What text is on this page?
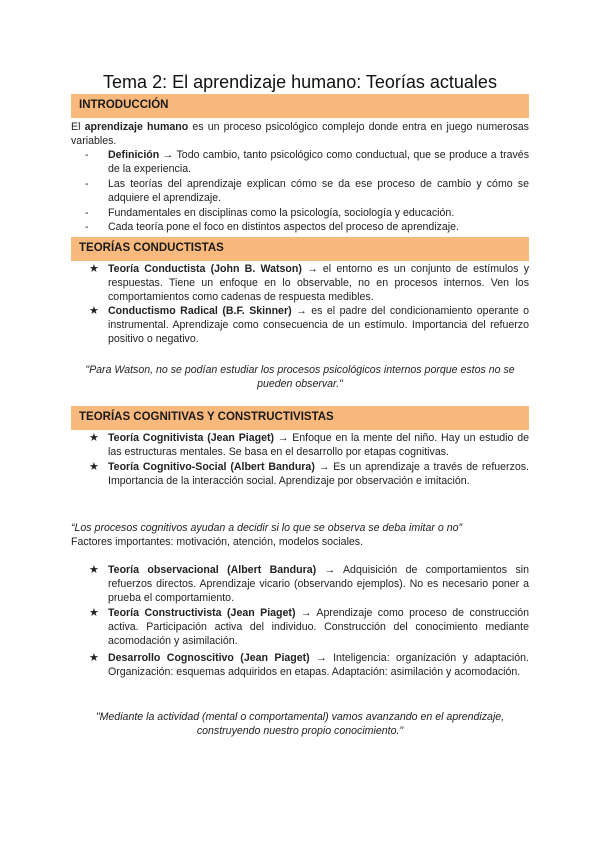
Tema 2: El aprendizaje humano: Teorías actuales
INTRODUCCIÓN
El aprendizaje humano es un proceso psicológico complejo donde entra en juego numerosas variables.
- Definición → Todo cambio, tanto psicológico como conductual, que se produce a través de la experiencia.
- Las teorías del aprendizaje explican cómo se da ese proceso de cambio y cómo se adquiere el aprendizaje.
- Fundamentales en disciplinas como la psicología, sociología y educación.
- Cada teoría pone el foco en distintos aspectos del proceso de aprendizaje.
TEORÍAS CONDUCTISTAS
★ Teoría Conductista (John B. Watson) → el entorno es un conjunto de estímulos y respuestas. Tiene un enfoque en lo observable, no en procesos internos. Ven los comportamientos como cadenas de respuesta medibles.
★ Conductismo Radical (B.F. Skinner) → es el padre del condicionamiento operante o instrumental. Aprendizaje como consecuencia de un estímulo. Importancia del refuerzo positivo o negativo.
"Para Watson, no se podían estudiar los procesos psicológicos internos porque estos no se pueden observar."
TEORÍAS COGNITIVAS Y CONSTRUCTIVISTAS
★ Teoría Cognitivista (Jean Piaget) → Enfoque en la mente del niño. Hay un estudio de las estructuras mentales. Se basa en el desarrollo por etapas cognitivas.
★ Teoría Cognitivo-Social (Albert Bandura) → Es un aprendizaje a través de refuerzos. Importancia de la interacción social. Aprendizaje por observación e imitación.
“Los procesos cognitivos ayudan a decidir si lo que se observa se deba imitar o no”
Factores importantes: motivación, atención, modelos sociales.
★ Teoría observacional (Albert Bandura) → Adquisición de comportamientos sin refuerzos directos. Aprendizaje vicario (observando ejemplos). No es necesario poner a prueba el comportamiento.
★ Teoría Constructivista (Jean Piaget) → Aprendizaje como proceso de construcción activa. Participación activa del individuo. Construcción del conocimiento mediante acomodación y asimilación.
★ Desarrollo Cognoscitivo (Jean Piaget) → Inteligencia: organización y adaptación. Organización: esquemas adquiridos en etapas. Adaptación: asimilación y acomodación.
"Mediante la actividad (mental o comportamental) vamos avanzando en el aprendizaje, construyendo nuestro propio conocimiento."
